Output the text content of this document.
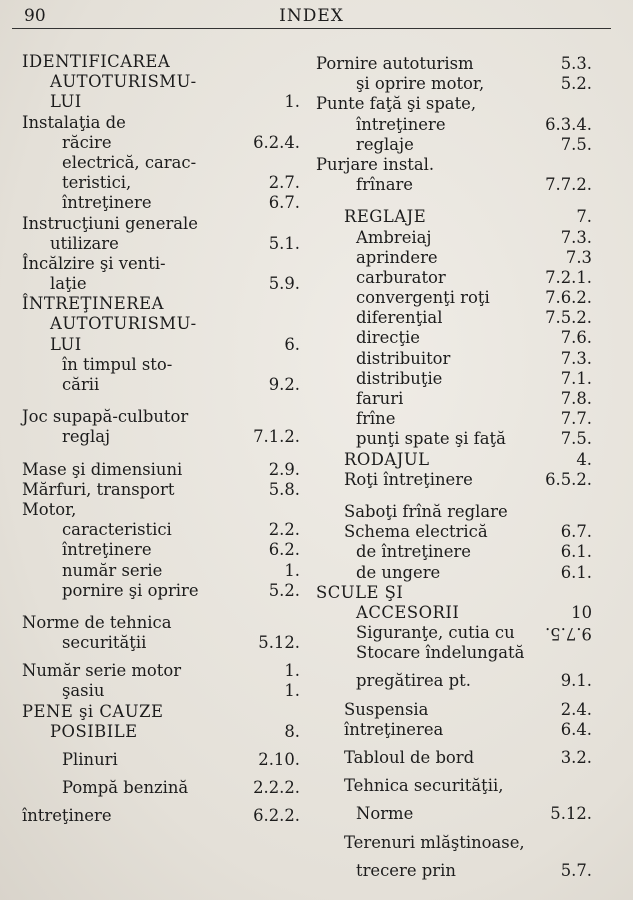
90	INDEX
IDENTIFICAREA
AUTOTURISMU-
LUI	1.
Instalaţia de
răcire	6.2.4.
electrică, carac-
teristici,	2.7.
întreţinere	6.7.
Instrucţiuni generale
utilizare	5.1.
Încălzire şi venti-
laţie	5.9.
ÎNTREŢINEREA
AUTOTURISMU-
LUI	6.
în timpul sto-
cării	9.2.
Joc supapă-culbutor
reglaj	7.1.2.
Mase şi dimensiuni	2.9.
Mărfuri, transport	5.8.
Motor,
caracteristici	2.2.
întreţinere	6.2.
număr serie	1.
pornire şi oprire	5.2.
Norme de tehnica
securităţii	5.12.
Număr serie motor	1.
şasiu	1.
PENE şi CAUZE
POSIBILE	8.
Plinuri	2.10.
Pompă benzină	2.2.2.
întreţinere	6.2.2.
Pornire autoturism	5.3.
şi oprire motor,	5.2.
Punte faţă şi spate,
întreţinere	6.3.4.
reglaje	7.5.
Purjare instal.
frînare	7.7.2.
REGLAJE	7.
Ambreiaj	7.3.
aprindere	7.3
carburator	7.2.1.
convergenţi roţi	7.6.2.
diferenţial	7.5.2.
direcţie	7.6.
distribuitor	7.3.
distribuţie	7.1.
faruri	7.8.
frîne	7.7.
punţi spate şi faţă	7.5.
RODAJUL	4.
Roţi întreţinere	6.5.2.
Saboţi frînă reglare
Schema electrică	6.7.
de întreţinere	6.1.
de ungere	6.1.
SCULE ŞI
ACCESORII	10
Siguranţe, cutia cu 9.7.5.
Stocare îndelungată
pregătirea pt.	9.1.
Suspensia	2.4.
întreţinerea	6.4.
Tabloul de bord	3.2.
Tehnica securităţii,
Norme	5.12.
Terenuri mlăştinoase,
trecere prin	5.7.
